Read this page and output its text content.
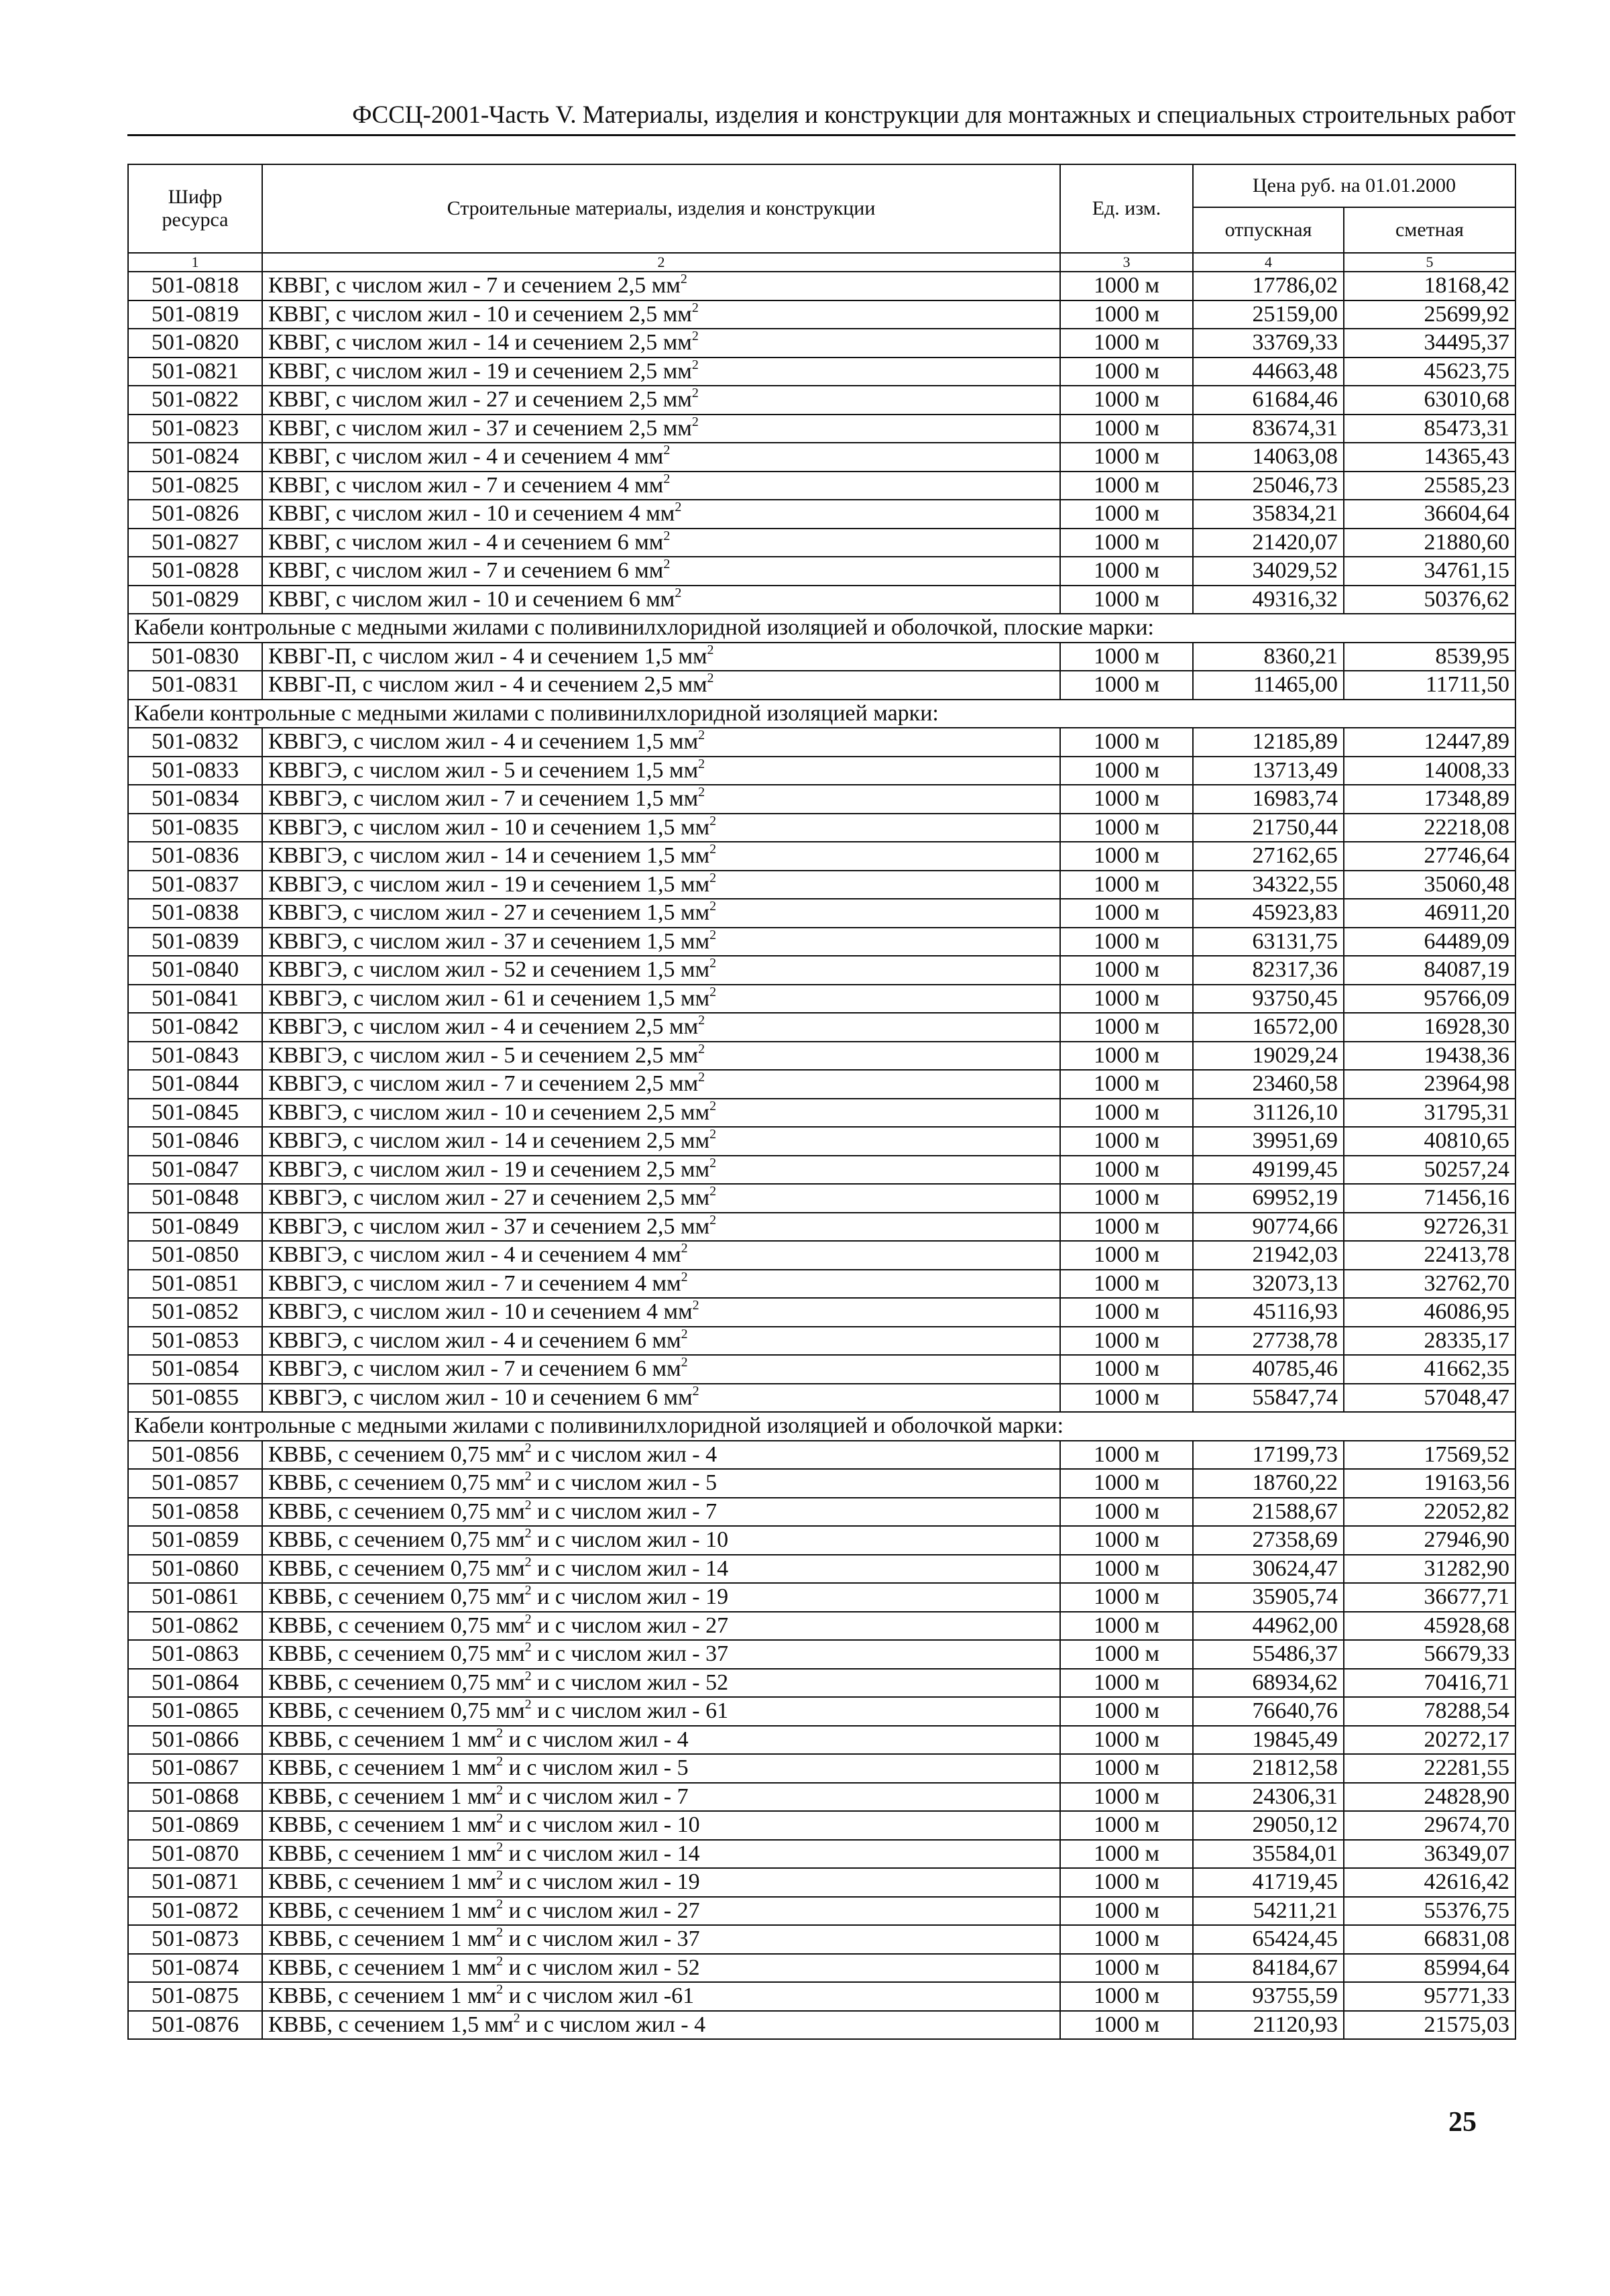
ФССЦ-2001-Часть V. Материалы, изделия и конструкции для монтажных и специальных строительных работ
Шифр ресурса	Строительные материалы, изделия и конструкции	Ед. изм.	Цена руб. на 01.01.2000	
			отпускная	сметная
1	2	3	4	5
501-0818	КВВГ, с числом жил - 7 и сечением 2,5 $мм^2$	1000 м	17786,02	18168,42
501-0819	КВВГ, с числом жил - 10 и сечением 2,5 $мм^2$	1000 м	25159,00	25699,92
501-0820	КВВГ, с числом жил - 14 и сечением 2,5 $мм^2$	1000 м	33769,33	34495,37
501-0821	КВВГ, с числом жил - 19 и сечением 2,5 $мм^2$	1000 м	44663,48	45623,75
501-0822	КВВГ, с числом жил - 27 и сечением 2,5 $мм^2$	1000 м	61684,46	63010,68
501-0823	КВВГ, с числом жил - 37 и сечением 2,5 $мм^2$	1000 м	83674,31	85473,31
501-0824	КВВГ, с числом жил - 4 и сечением 4 $мм^2$	1000 м	14063,08	14365,43
501-0825	КВВГ, с числом жил - 7 и сечением 4 $мм^2$	1000 м	25046,73	25585,23
501-0826	КВВГ, с числом жил - 10 и сечением 4 $мм^2$	1000 м	35834,21	36604,64
501-0827	КВВГ, с числом жил - 4 и сечением 6 $мм^2$	1000 м	21420,07	21880,60
501-0828	КВВГ, с числом жил - 7 и сечением 6 $мм^2$	1000 м	34029,52	34761,15
501-0829	КВВГ, с числом жил - 10 и сечением 6 $мм^2$	1000 м	49316,32	50376,62
Кабели контрольные с медными жилами с поливинилхлоридной изоляцией и оболочкой, плоские марки:				
501-0830	КВВГ-П, с числом жил - 4 и сечением 1,5 $мм^2$	1000 м	8360,21	8539,95
501-0831	КВВГ-П, с числом жил - 4 и сечением 2,5 $мм^2$	1000 м	11465,00	11711,50
Кабели контрольные с медными жилами с поливинилхлоридной изоляцией марки:				
501-0832	КВВГЭ, с числом жил - 4 и сечением 1,5 $мм^2$	1000 м	12185,89	12447,89
501-0833	КВВГЭ, с числом жил - 5 и сечением 1,5 $мм^2$	1000 м	13713,49	14008,33
501-0834	КВВГЭ, с числом жил - 7 и сечением 1,5 $мм^2$	1000 м	16983,74	17348,89
501-0835	КВВГЭ, с числом жил - 10 и сечением 1,5 $мм^2$	1000 м	21750,44	22218,08
501-0836	КВВГЭ, с числом жил - 14 и сечением 1,5 $мм^2$	1000 м	27162,65	27746,64
501-0837	КВВГЭ, с числом жил - 19 и сечением 1,5 $мм^2$	1000 м	34322,55	35060,48
501-0838	КВВГЭ, с числом жил - 27 и сечением 1,5 $мм^2$	1000 м	45923,83	46911,20
501-0839	КВВГЭ, с числом жил - 37 и сечением 1,5 $мм^2$	1000 м	63131,75	64489,09
501-0840	КВВГЭ, с числом жил - 52 и сечением 1,5 $мм^2$	1000 м	82317,36	84087,19
501-0841	КВВГЭ, с числом жил - 61 и сечением 1,5 $мм^2$	1000 м	93750,45	95766,09
501-0842	КВВГЭ, с числом жил - 4 и сечением 2,5 $мм^2$	1000 м	16572,00	16928,30
501-0843	КВВГЭ, с числом жил - 5 и сечением 2,5 $мм^2$	1000 м	19029,24	19438,36
501-0844	КВВГЭ, с числом жил - 7 и сечением 2,5 $мм^2$	1000 м	23460,58	23964,98
501-0845	КВВГЭ, с числом жил - 10 и сечением 2,5 $мм^2$	1000 м	31126,10	31795,31
501-0846	КВВГЭ, с числом жил - 14 и сечением 2,5 $мм^2$	1000 м	39951,69	40810,65
501-0847	КВВГЭ, с числом жил - 19 и сечением 2,5 $мм^2$	1000 м	49199,45	50257,24
501-0848	КВВГЭ, с числом жил - 27 и сечением 2,5 $мм^2$	1000 м	69952,19	71456,16
501-0849	КВВГЭ, с числом жил - 37 и сечением 2,5 $мм^2$	1000 м	90774,66	92726,31
501-0850	КВВГЭ, с числом жил - 4 и сечением 4 $мм^2$	1000 м	21942,03	22413,78
501-0851	КВВГЭ, с числом жил - 7 и сечением 4 $мм^2$	1000 м	32073,13	32762,70
501-0852	КВВГЭ, с числом жил - 10 и сечением 4 $мм^2$	1000 м	45116,93	46086,95
501-0853	КВВГЭ, с числом жил - 4 и сечением 6 $мм^2$	1000 м	27738,78	28335,17
501-0854	КВВГЭ, с числом жил - 7 и сечением 6 $мм^2$	1000 м	40785,46	41662,35
501-0855	КВВГЭ, с числом жил - 10 и сечением 6 $мм^2$	1000 м	55847,74	57048,47
Кабели контрольные с медными жилами с поливинилхлоридной изоляцией и оболочкой марки:				
501-0856	КВВБ, с сечением 0,75 $мм^2$ и с числом жил - 4	1000 м	17199,73	17569,52
501-0857	КВВБ, с сечением 0,75 $мм^2$ и с числом жил - 5	1000 м	18760,22	19163,56
501-0858	КВВБ, с сечением 0,75 $мм^2$ и с числом жил - 7	1000 м	21588,67	22052,82
501-0859	КВВБ, с сечением 0,75 $мм^2$ и с числом жил - 10	1000 м	27358,69	27946,90
501-0860	КВВБ, с сечением 0,75 $мм^2$ и с числом жил - 14	1000 м	30624,47	31282,90
501-0861	КВВБ, с сечением 0,75 $мм^2$ и с числом жил - 19	1000 м	35905,74	36677,71
501-0862	КВВБ, с сечением 0,75 $мм^2$ и с числом жил - 27	1000 м	44962,00	45928,68
501-0863	КВВБ, с сечением 0,75 $мм^2$ и с числом жил - 37	1000 м	55486,37	56679,33
501-0864	КВВБ, с сечением 0,75 $мм^2$ и с числом жил - 52	1000 м	68934,62	70416,71
501-0865	КВВБ, с сечением 0,75 $мм^2$ и с числом жил - 61	1000 м	76640,76	78288,54
501-0866	КВВБ, с сечением 1 $мм^2$ и с числом жил - 4	1000 м	19845,49	20272,17
501-0867	КВВБ, с сечением 1 $мм^2$ и с числом жил - 5	1000 м	21812,58	22281,55
501-0868	КВВБ, с сечением 1 $мм^2$ и с числом жил - 7	1000 м	24306,31	24828,90
501-0869	КВВБ, с сечением 1 $мм^2$ и с числом жил - 10	1000 м	29050,12	29674,70
501-0870	КВВБ, с сечением 1 $мм^2$ и с числом жил - 14	1000 м	35584,01	36349,07
501-0871	КВВБ, с сечением 1 $мм^2$ и с числом жил - 19	1000 м	41719,45	42616,42
501-0872	КВВБ, с сечением 1 $мм^2$ и с числом жил - 27	1000 м	54211,21	55376,75
501-0873	КВВБ, с сечением 1 $мм^2$ и с числом жил - 37	1000 м	65424,45	66831,08
501-0874	КВВБ, с сечением 1 $мм^2$ и с числом жил - 52	1000 м	84184,67	85994,64
501-0875	КВВБ, с сечением 1 $мм^2$ и с числом жил -61	1000 м	93755,59	95771,33
501-0876	КВВБ, с сечением 1,5 $мм^2$ и с числом жил - 4	1000 м	21120,93	21575,03
25
